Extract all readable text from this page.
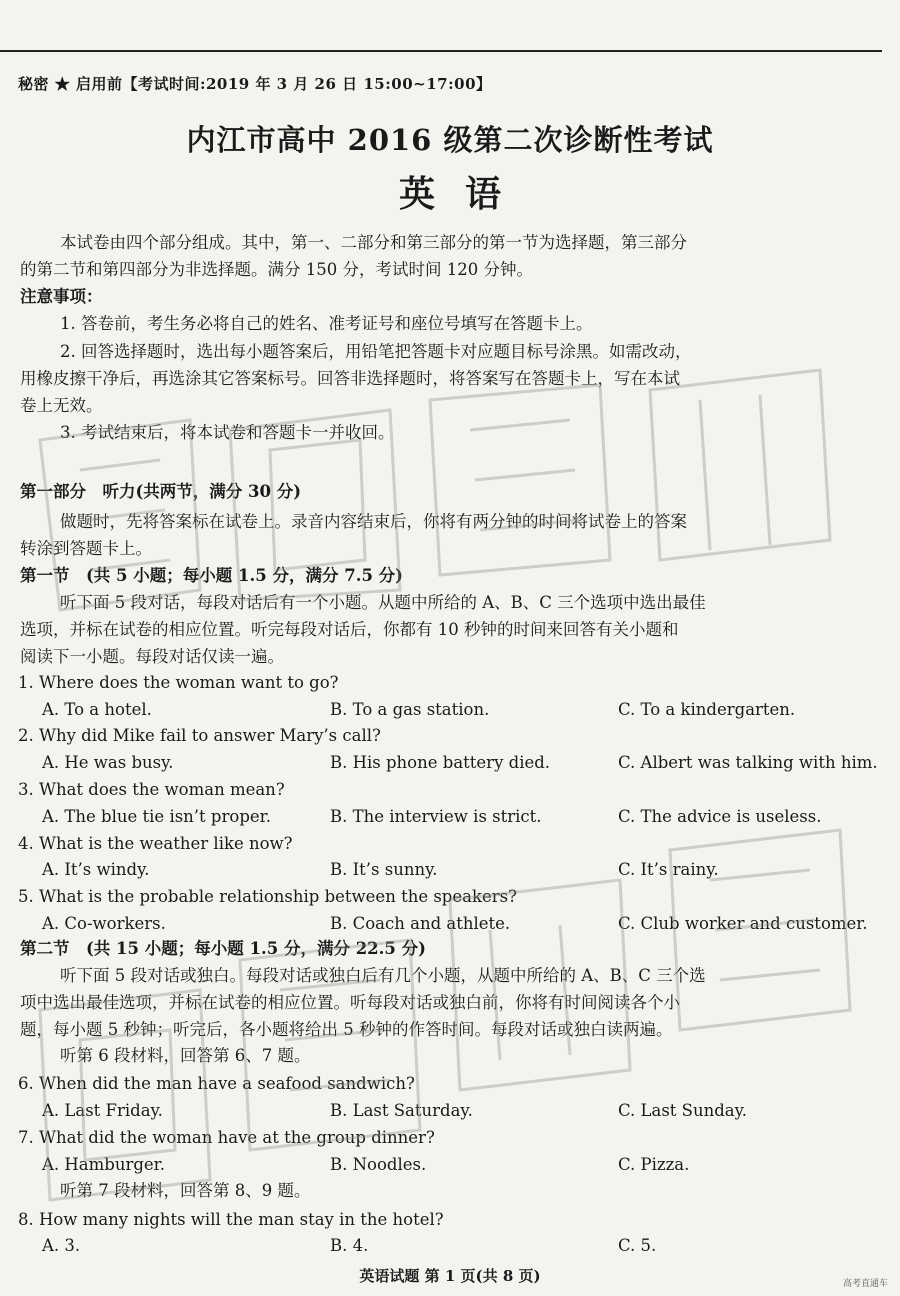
秘密 ★ 启用前【考试时间:2019 年 3 月 26 日 15:00~17:00】
内江市高中 2016 级第二次诊断性考试
英语
本试卷由四个部分组成。其中，第一、二部分和第三部分的第一节为选择题，第三部分
的第二节和第四部分为非选择题。满分 150 分，考试时间 120 分钟。
注意事项：
1. 答卷前，考生务必将自己的姓名、准考证号和座位号填写在答题卡上。
2. 回答选择题时，选出每小题答案后，用铅笔把答题卡对应题目标号涂黑。如需改动，
用橡皮擦干净后，再选涂其它答案标号。回答非选择题时，将答案写在答题卡上，写在本试
卷上无效。
3. 考试结束后，将本试卷和答题卡一并收回。
第一部分　听力(共两节，满分 30 分)
做题时，先将答案标在试卷上。录音内容结束后，你将有两分钟的时间将试卷上的答案
转涂到答题卡上。
第一节　(共 5 小题；每小题 1.5 分，满分 7.5 分)
听下面 5 段对话，每段对话后有一个小题。从题中所给的 A、B、C 三个选项中选出最佳
选项，并标在试卷的相应位置。听完每段对话后，你都有 10 秒钟的时间来回答有关小题和
阅读下一小题。每段对话仅读一遍。
1. Where does the woman want to go?
A. To a hotel.	B. To a gas station.	C. To a kindergarten.
2. Why did Mike fail to answer Mary’s call?
A. He was busy.	B. His phone battery died.	C. Albert was talking with him.
3. What does the woman mean?
A. The blue tie isn’t proper.	B. The interview is strict.	C. The advice is useless.
4. What is the weather like now?
A. It’s windy.	B. It’s sunny.	C. It’s rainy.
5. What is the probable relationship between the speakers?
A. Co-workers.	B. Coach and athlete.	C. Club worker and customer.
第二节　(共 15 小题；每小题 1.5 分，满分 22.5 分)
听下面 5 段对话或独白。每段对话或独白后有几个小题，从题中所给的 A、B、C 三个选
项中选出最佳选项，并标在试卷的相应位置。听每段对话或独白前，你将有时间阅读各个小
题，每小题 5 秒钟；听完后，各小题将给出 5 秒钟的作答时间。每段对话或独白读两遍。
听第 6 段材料，回答第 6、7 题。
6. When did the man have a seafood sandwich?
A. Last Friday.	B. Last Saturday.	C. Last Sunday.
7. What did the woman have at the group dinner?
A. Hamburger.	B. Noodles.	C. Pizza.
听第 7 段材料，回答第 8、9 题。
8. How many nights will the man stay in the hotel?
A. 3.	B. 4.	C. 5.
英语试题 第 1 页(共 8 页)	高考直通车
